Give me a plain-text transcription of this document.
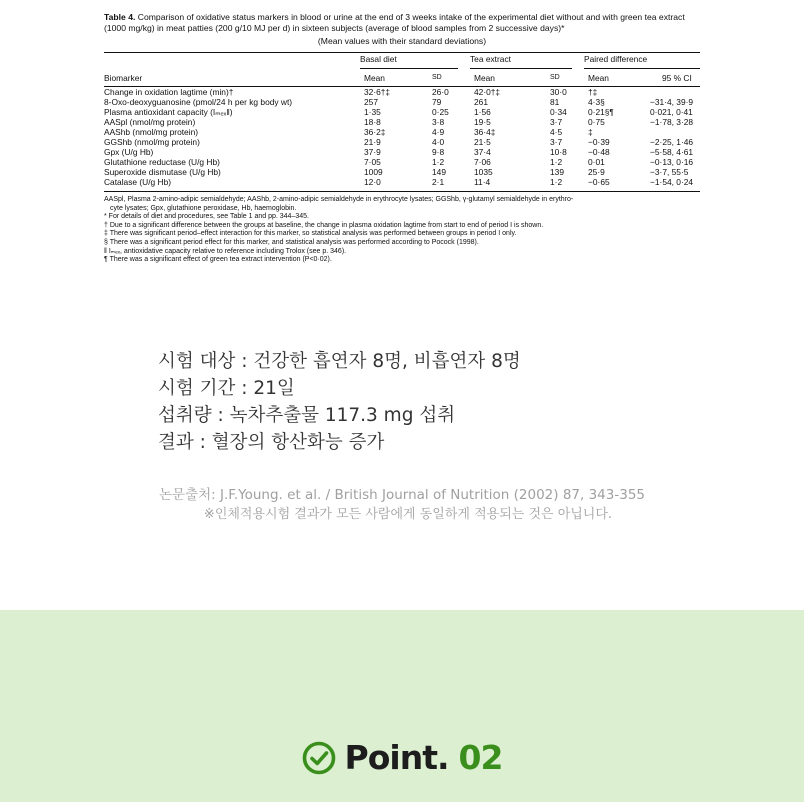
Table 4. Comparison of oxidative status markers in blood or urine at the end of 3 weeks intake of the experimental diet without and with green tea extract (1000 mg/kg) in meat patties (200 g/10 MJ per d) in sixteen subjects (average of blood samples from 2 successive days)*

(Mean values with their standard deviations)

	Basal diet		Tea extract		Paired difference	

Biomarker	Mean	SD	Mean	SD	Mean	95 % CI

Change in oxidation lagtime (min)†	32·6†‡	26·0	42·0†‡	30·0	†‡	
8-Oxo-deoxyguanosine (pmol/24 h per kg body wt)	257	79	261	81	4·3§	−31·4, 39·9
Plasma antioxidant capacity (Iₘₑₓ‖)	1·35	0·25	1·56	0·34	0·21§¶	0·021, 0·41
AASpl (nmol/mg protein)	18·8	3·8	19·5	3·7	0·75	−1·78, 3·28
AAShb (nmol/mg protein)	36·2‡	4·9	36·4‡	4·5	‡	
GGShb (nmol/mg protein)	21·9	4·0	21·5	3·7	−0·39	−2·25, 1·46
Gpx (U/g Hb)	37·9	9·8	37·4	10·8	−0·48	−5·58, 4·61
Glutathione reductase (U/g Hb)	7·05	1·2	7·06	1·2	0·01	−0·13, 0·16
Superoxide dismutase (U/g Hb)	1009	149	1035	139	25·9	−3·7, 55·5
Catalase (U/g Hb)	12·0	2·1	11·4	1·2	−0·65	−1·54, 0·24

AASpl, Plasma 2-amino-adipic semialdehyde; AAShb, 2-amino-adipic semialdehyde in erythrocyte lysates; GGShb, γ-glutamyl semialdehyde in erythro-

cyte lysates; Gpx, glutathione peroxidase, Hb, haemoglobin.

* For details of diet and procedures, see Table 1 and pp. 344–345.

† Due to a significant difference between the groups at baseline, the change in plasma oxidation lagtime from start to end of period I is shown.

‡ There was significant period–effect interaction for this marker, so statistical analysis was performed between groups in period I only.

§ There was a significant period effect for this marker, and statistical analysis was performed according to Pocock (1998).

‖ Iₘₑₓ, antioxidative capacity relative to reference including Trolox (see p. 346).

¶ There was a significant effect of green tea extract intervention (P<0·02).

시험 대상 : 건강한 흡연자 8명, 비흡연자 8명

시험 기간 : 21일

섭취량 : 녹차추출물 117.3 mg 섭취

결과 : 혈장의 항산화능 증가

논문출처: J.F.Young. et al. / British Journal of Nutrition (2002) 87, 343-355

※인체적용시험 결과가 모든 사람에게 동일하게 적용되는 것은 아닙니다.

Point. 02
